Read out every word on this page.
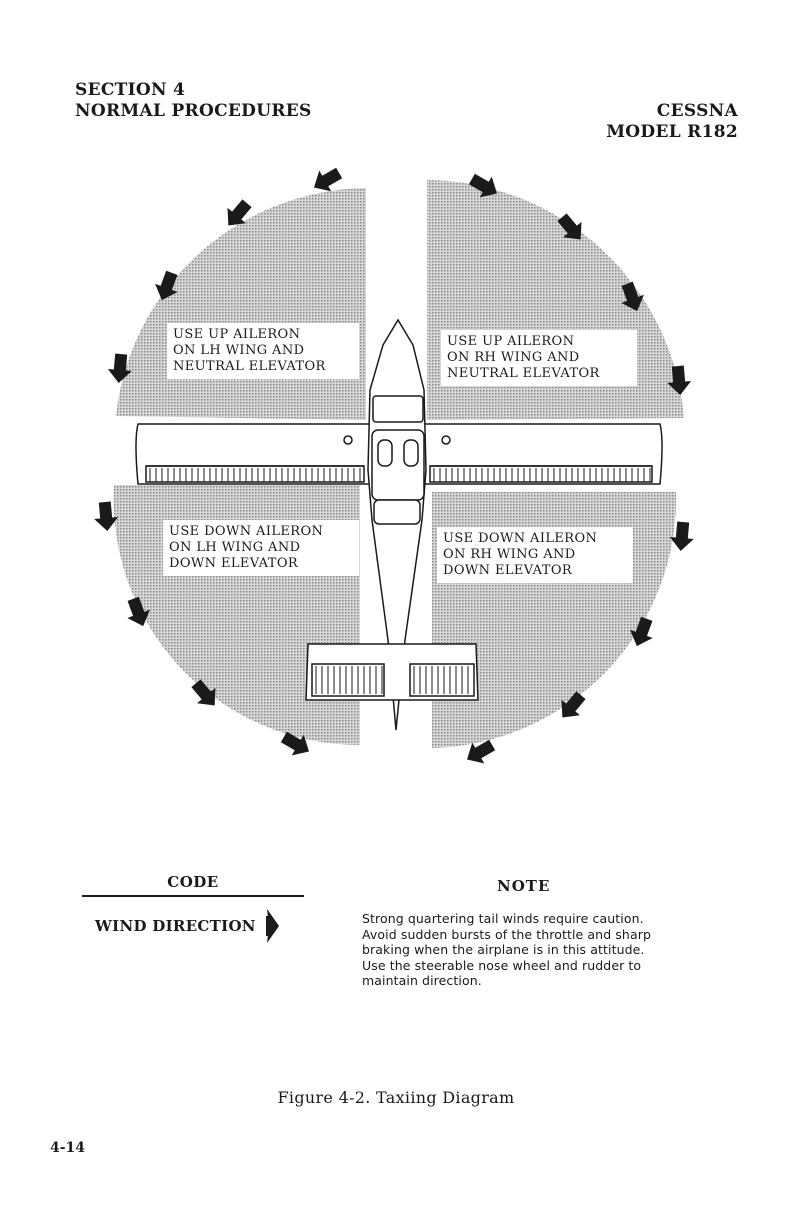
SECTION 4
NORMAL PROCEDURES	CESSNA
MODEL R182
USE UP AILERON
ON LH WING AND
NEUTRAL ELEVATOR
USE UP AILERON
ON RH WING AND
NEUTRAL ELEVATOR
USE DOWN AILERON
ON LH WING AND
DOWN ELEVATOR
USE DOWN AILERON
ON RH WING AND
DOWN ELEVATOR
CODE
WIND DIRECTION
NOTE
Strong quartering tail winds require caution.
Avoid sudden bursts of the throttle and sharp
braking when the airplane is in this attitude.
Use the steerable nose wheel and rudder to
maintain direction.
Figure 4-2. Taxiing Diagram
4-14
